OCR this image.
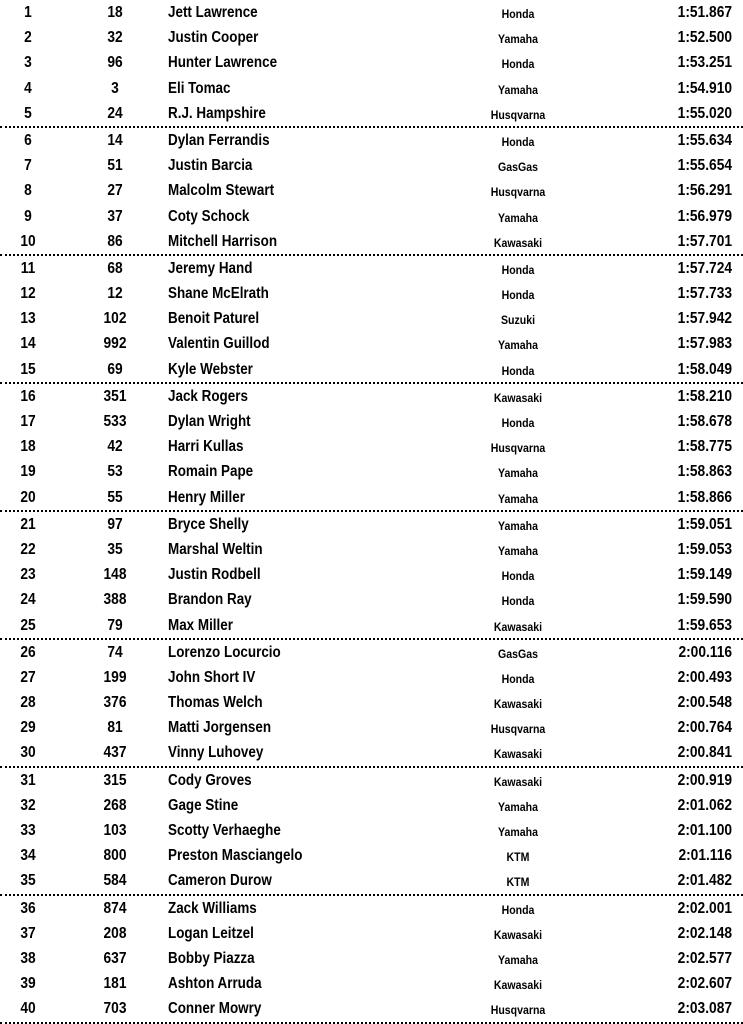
1	18	Jett Lawrence	Honda	1:51.867
2	32	Justin Cooper	Yamaha	1:52.500
3	96	Hunter Lawrence	Honda	1:53.251
4	3	Eli Tomac	Yamaha	1:54.910
5	24	R.J. Hampshire	Husqvarna	1:55.020
6	14	Dylan Ferrandis	Honda	1:55.634
7	51	Justin Barcia	GasGas	1:55.654
8	27	Malcolm Stewart	Husqvarna	1:56.291
9	37	Coty Schock	Yamaha	1:56.979
10	86	Mitchell Harrison	Kawasaki	1:57.701
11	68	Jeremy Hand	Honda	1:57.724
12	12	Shane McElrath	Honda	1:57.733
13	102	Benoit Paturel	Suzuki	1:57.942
14	992	Valentin Guillod	Yamaha	1:57.983
15	69	Kyle Webster	Honda	1:58.049
16	351	Jack Rogers	Kawasaki	1:58.210
17	533	Dylan Wright	Honda	1:58.678
18	42	Harri Kullas	Husqvarna	1:58.775
19	53	Romain Pape	Yamaha	1:58.863
20	55	Henry Miller	Yamaha	1:58.866
21	97	Bryce Shelly	Yamaha	1:59.051
22	35	Marshal Weltin	Yamaha	1:59.053
23	148	Justin Rodbell	Honda	1:59.149
24	388	Brandon Ray	Honda	1:59.590
25	79	Max Miller	Kawasaki	1:59.653
26	74	Lorenzo Locurcio	GasGas	2:00.116
27	199	John Short IV	Honda	2:00.493
28	376	Thomas Welch	Kawasaki	2:00.548
29	81	Matti Jorgensen	Husqvarna	2:00.764
30	437	Vinny Luhovey	Kawasaki	2:00.841
31	315	Cody Groves	Kawasaki	2:00.919
32	268	Gage Stine	Yamaha	2:01.062
33	103	Scotty Verhaeghe	Yamaha	2:01.100
34	800	Preston Masciangelo	KTM	2:01.116
35	584	Cameron Durow	KTM	2:01.482
36	874	Zack Williams	Honda	2:02.001
37	208	Logan Leitzel	Kawasaki	2:02.148
38	637	Bobby Piazza	Yamaha	2:02.577
39	181	Ashton Arruda	Kawasaki	2:02.607
40	703	Conner Mowry	Husqvarna	2:03.087
